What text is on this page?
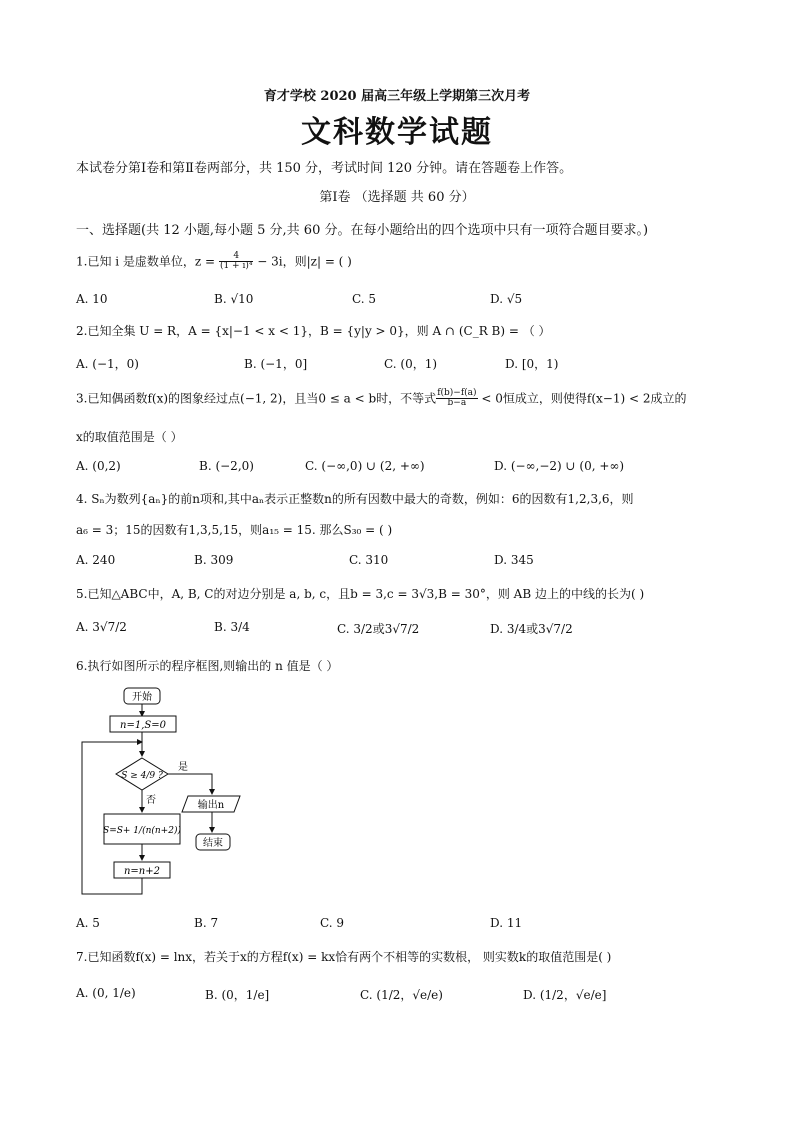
育才学校 2020 届高三年级上学期第三次月考
文科数学试题
本试卷分第Ⅰ卷和第Ⅱ卷两部分，共 150 分，考试时间 120 分钟。请在答题卷上作答。
第Ⅰ卷 （选择题 共 60 分）
一、选择题(共 12 小题,每小题 5 分,共 60 分。在每小题给出的四个选项中只有一项符合题目要求。)
1.已知 i 是虚数单位，$z = \frac{4}{\text{(1 + i)⁴}} - 3i$，则|z| = ( )
A. 10	B. √10	C. 5	D. √5
2.已知全集 U = R，A = {x|−1 < x < 1}，B = {y|y > 0}，则 A ∩ (C_R B) = （ ）
A. (−1，0)	B. (−1，0]	C. (0，1)	D. [0，1)
3.已知偶函数f(x)的图象经过点(−1, 2)，且当0 ≤ a < b时，不等式 $\frac{f(b)-f(a)}{b-a} < 0$恒成立，则使得f(x−1) < 2成立的
x的取值范围是（ ）
A. (0,2)	B. (−2,0)	C. (−∞,0) ∪ (2, +∞)	D. (−∞,−2) ∪ (0, +∞)
4. Sₙ为数列{aₙ}的前n项和,其中aₙ表示正整数n的所有因数中最大的奇数，例如：6的因数有1,2,3,6，则
a₆ = 3；15的因数有1,3,5,15，则a₁₅ = 15. 那么S₃₀ = ( )
A. 240	B. 309	C. 310	D. 345
5.已知△ABC中，A, B, C的对边分别是 a, b, c，且b = 3,c = 3√3,B = 30°，则 AB 边上的中线的长为( )
A. 3√7/2	B. 3/4	C. 3/2或3√7/2	D. 3/4或3√7/2
6.执行如图所示的程序框图,则输出的 n 值是（ ）
开始
n=1,S=0
S ≥ 4/9 ?
是
否	输出n
结束
S=S+ 1/(n(n+2))
n=n+2
A. 5	B. 7	C. 9	D. 11
7.已知函数f(x) = lnx，若关于x的方程f(x) = kx恰有两个不相等的实数根， 则实数k的取值范围是( )
A. (0, 1/e)	B. (0，1/e]	C. (1/2，√e/e)	D. (1/2，√e/e]
